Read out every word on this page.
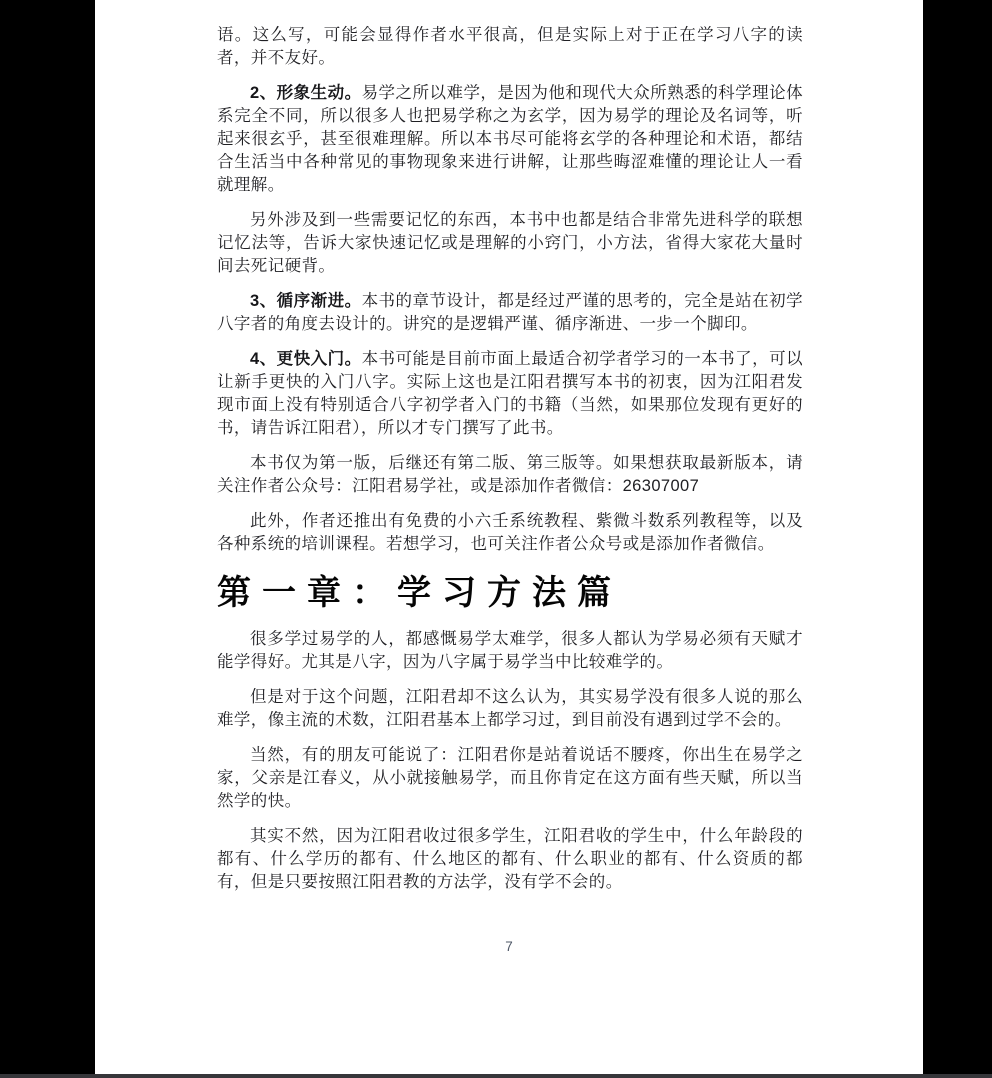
语。这么写，可能会显得作者水平很高，但是实际上对于正在学习八字的读者，并不友好。

2、形象生动。易学之所以难学，是因为他和现代大众所熟悉的科学理论体系完全不同，所以很多人也把易学称之为玄学，因为易学的理论及名词等，听起来很玄乎，甚至很难理解。所以本书尽可能将玄学的各种理论和术语，都结合生活当中各种常见的事物现象来进行讲解，让那些晦涩难懂的理论让人一看就理解。

另外涉及到一些需要记忆的东西，本书中也都是结合非常先进科学的联想记忆法等，告诉大家快速记忆或是理解的小窍门，小方法，省得大家花大量时间去死记硬背。

3、循序渐进。本书的章节设计，都是经过严谨的思考的，完全是站在初学八字者的角度去设计的。讲究的是逻辑严谨、循序渐进、一步一个脚印。

4、更快入门。本书可能是目前市面上最适合初学者学习的一本书了，可以让新手更快的入门八字。实际上这也是江阳君撰写本书的初衷，因为江阳君发现市面上没有特别适合八字初学者入门的书籍（当然，如果那位发现有更好的书，请告诉江阳君），所以才专门撰写了此书。

本书仅为第一版，后继还有第二版、第三版等。如果想获取最新版本，请关注作者公众号：江阳君易学社，或是添加作者微信：26307007

此外，作者还推出有免费的小六壬系统教程、紫微斗数系列教程等，以及各种系统的培训课程。若想学习，也可关注作者公众号或是添加作者微信。

第一章：学习方法篇

很多学过易学的人，都感慨易学太难学，很多人都认为学易必须有天赋才能学得好。尤其是八字，因为八字属于易学当中比较难学的。

但是对于这个问题，江阳君却不这么认为，其实易学没有很多人说的那么难学，像主流的术数，江阳君基本上都学习过，到目前没有遇到过学不会的。

当然，有的朋友可能说了：江阳君你是站着说话不腰疼，你出生在易学之家，父亲是江春义，从小就接触易学，而且你肯定在这方面有些天赋，所以当然学的快。

其实不然，因为江阳君收过很多学生，江阳君收的学生中，什么年龄段的都有、什么学历的都有、什么地区的都有、什么职业的都有、什么资质的都有，但是只要按照江阳君教的方法学，没有学不会的。

7
